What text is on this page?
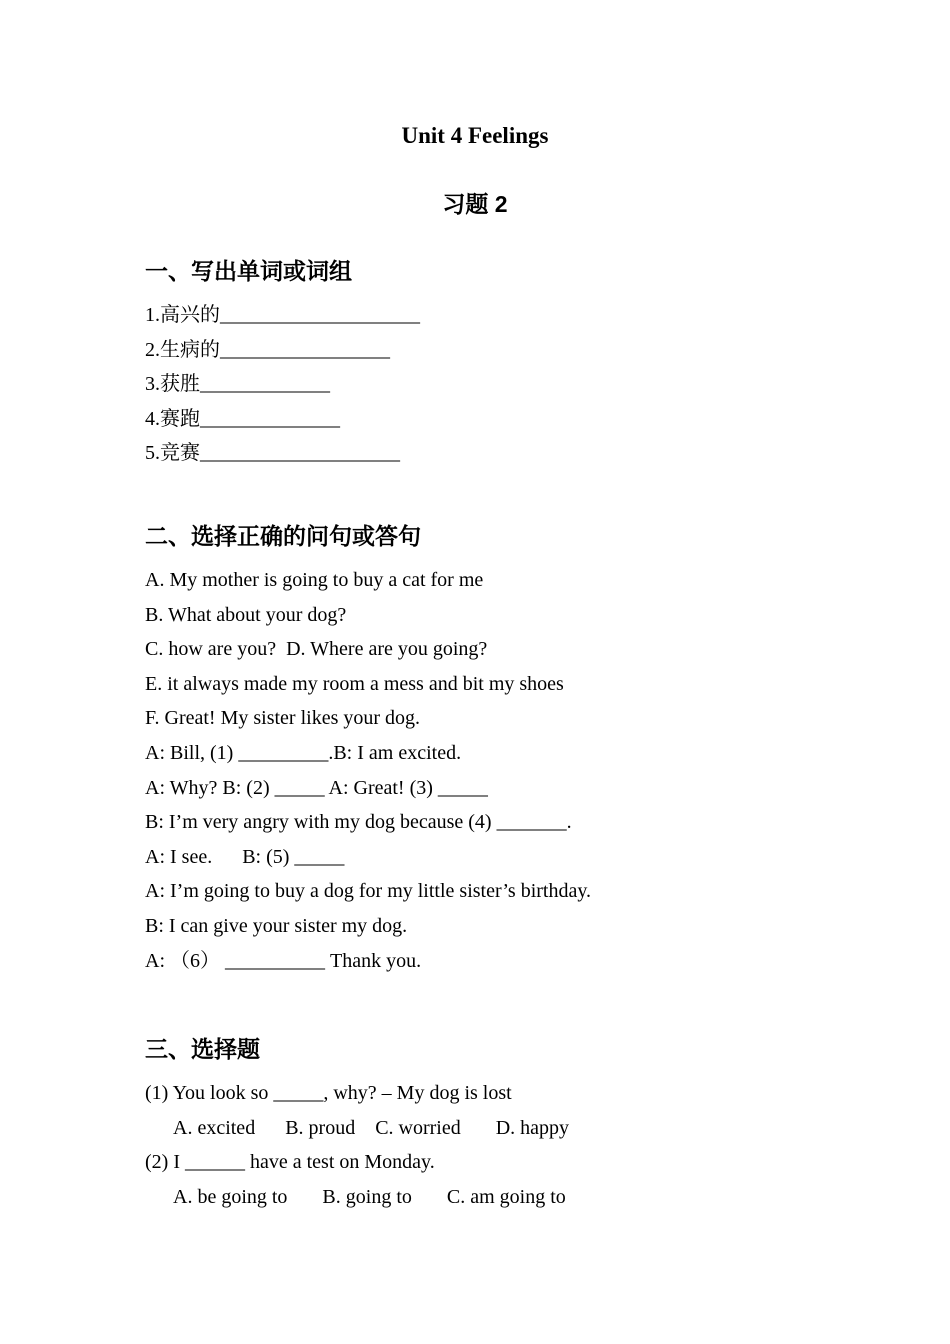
Unit 4 Feelings
习题 2
一、写出单词或词组
1.高兴的____________________
2.生病的_________________
3.获胜_____________
4.赛跑______________
5.竞赛____________________
二、选择正确的问句或答句
A. My mother is going to buy a cat for me
B. What about your dog?
C. how are you?  D. Where are you going?
E. it always made my room a mess and bit my shoes
F. Great! My sister likes your dog.
A: Bill, (1) _________.B: I am excited.
A: Why? B: (2) _____ A: Great! (3) _____
B: I’m very angry with my dog because (4) _______.
A: I see.      B: (5) _____
A: I’m going to buy a dog for my little sister’s birthday.
B: I can give your sister my dog.
A: （6） __________ Thank you.
三、选择题
(1) You look so _____, why? – My dog is lost
A. excited      B. proud    C. worried       D. happy
(2) I ______ have a test on Monday.
A. be going to       B. going to       C. am going to
